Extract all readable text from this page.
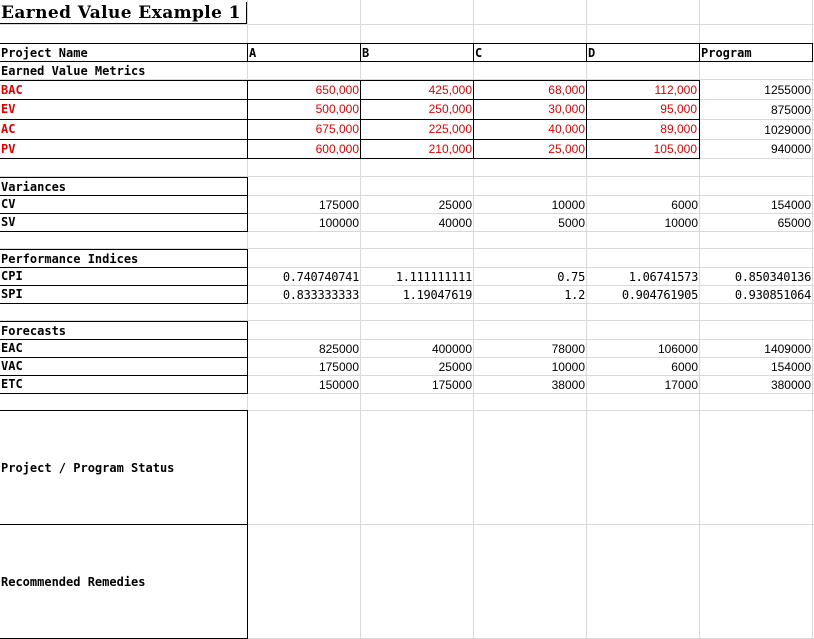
Earned Value Example 1
Project Name	A	B	C	D	Program
Earned Value Metrics
BAC	650,000	425,000	68,000	112,000	1255000
EV	500,000	250,000	30,000	95,000	875000
AC	675,000	225,000	40,000	89,000	1029000
PV	600,000	210,000	25,000	105,000	940000
Variances
CV	175000	25000	10000	6000	154000
SV	100000	40000	5000	10000	65000
Performance Indices
CPI	0.740740741	1.111111111	0.75	1.06741573	0.850340136
SPI	0.833333333	1.19047619	1.2	0.904761905	0.930851064
Forecasts
EAC	825000	400000	78000	106000	1409000
VAC	175000	25000	10000	6000	154000
ETC	150000	175000	38000	17000	380000
Project / Program Status
Recommended Remedies
